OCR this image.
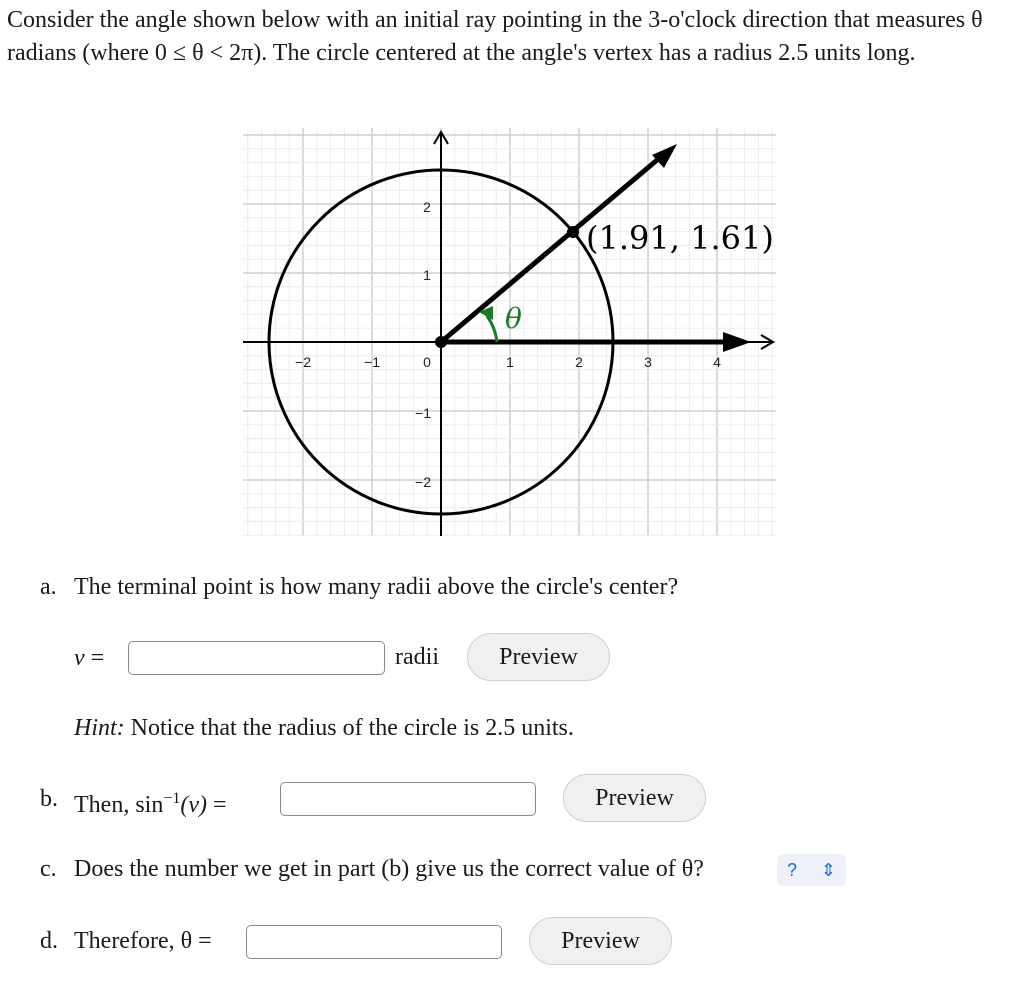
Consider the angle shown below with an initial ray pointing in the 3-o'clock direction that measures θ radians (where 0 ≤ θ < 2π). The circle centered at the angle's vertex has a radius 2.5 units long.
θ
(1.91, 1.61)
−2	−1	0	1	2	3	4
2
1
−1
−2
a. The terminal point is how many radii above the circle's center?
v =	radii	Preview
Hint: Notice that the radius of the circle is 2.5 units.
b. Then, $\sin^{-1}(v)$ =	Preview
c. Does the number we get in part (b) give us the correct value of θ?	? ⇕
d. Therefore, θ =	Preview
